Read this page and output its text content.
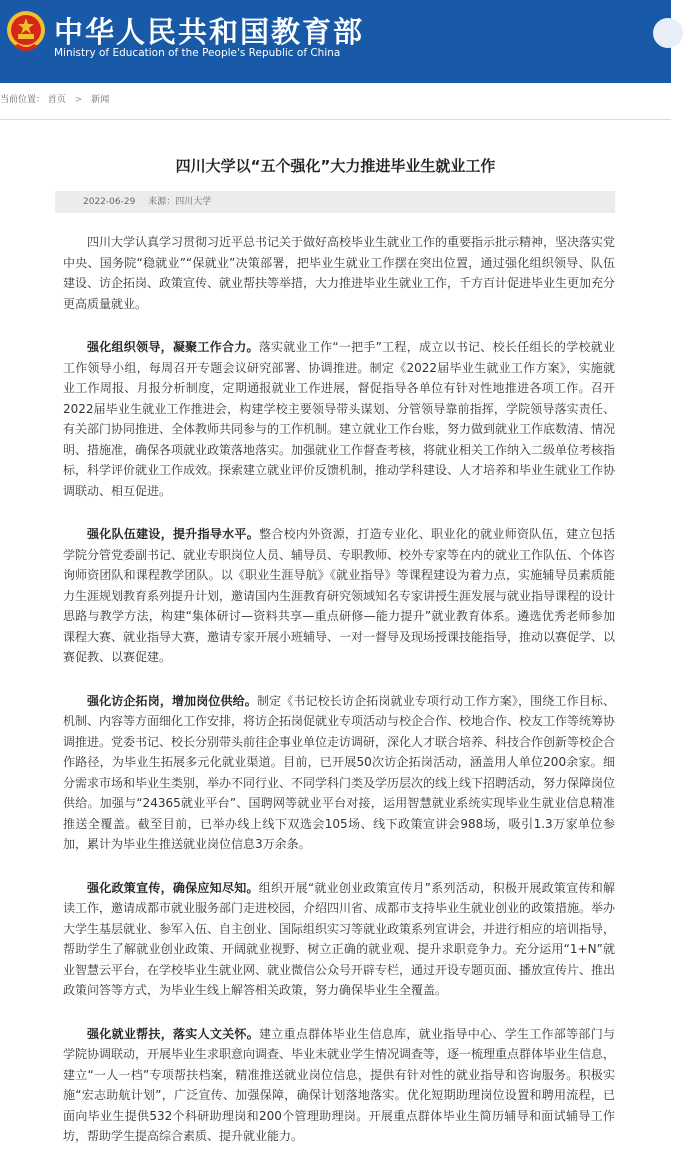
中华人民共和国教育部
Ministry of Education of the People's Republic of China
当前位置： 首页 > 新闻
四川大学以“五个强化”大力推进毕业生就业工作
2022-06-29 来源：四川大学

四川大学认真学习贯彻习近平总书记关于做好高校毕业生就业工作的重要指示批示精神，坚决落实党中央、国务院“稳就业”“保就业”决策部署，把毕业生就业工作摆在突出位置，通过强化组织领导、队伍建设、访企拓岗、政策宣传、就业帮扶等举措，大力推进毕业生就业工作，千方百计促进毕业生更加充分更高质量就业。

强化组织领导，凝聚工作合力。落实就业工作“一把手”工程，成立以书记、校长任组长的学校就业工作领导小组，每周召开专题会议研究部署、协调推进。制定《2022届毕业生就业工作方案》，实施就业工作周报、月报分析制度，定期通报就业工作进展，督促指导各单位有针对性地推进各项工作。召开2022届毕业生就业工作推进会，构建学校主要领导带头谋划、分管领导靠前指挥，学院领导落实责任、有关部门协同推进、全体教师共同参与的工作机制。建立就业工作台账，努力做到就业工作底数清、情况明、措施准，确保各项就业政策落地落实。加强就业工作督查考核，将就业相关工作纳入二级单位考核指标，科学评价就业工作成效。探索建立就业评价反馈机制，推动学科建设、人才培养和毕业生就业工作协调联动、相互促进。

强化队伍建设，提升指导水平。整合校内外资源，打造专业化、职业化的就业师资队伍，建立包括学院分管党委副书记、就业专职岗位人员、辅导员、专职教师、校外专家等在内的就业工作队伍、个体咨询师资团队和课程教学团队。以《职业生涯导航》《就业指导》等课程建设为着力点，实施辅导员素质能力生涯规划教育系列提升计划，邀请国内生涯教育研究领域知名专家讲授生涯发展与就业指导课程的设计思路与教学方法，构建“集体研讨—资料共享—重点研修—能力提升”就业教育体系。遴选优秀老师参加课程大赛、就业指导大赛，邀请专家开展小班辅导、一对一督导及现场授课技能指导，推动以赛促学、以赛促教、以赛促建。

强化访企拓岗，增加岗位供给。制定《书记校长访企拓岗就业专项行动工作方案》，围绕工作目标、机制、内容等方面细化工作安排，将访企拓岗促就业专项活动与校企合作、校地合作、校友工作等统筹协调推进。党委书记、校长分别带头前往企事业单位走访调研，深化人才联合培养、科技合作创新等校企合作路径，为毕业生拓展多元化就业渠道。目前，已开展50次访企拓岗活动，涵盖用人单位200余家。细分需求市场和毕业生类别，举办不同行业、不同学科门类及学历层次的线上线下招聘活动，努力保障岗位供给。加强与“24365就业平台”、国聘网等就业平台对接，运用智慧就业系统实现毕业生就业信息精准推送全覆盖。截至目前，已举办线上线下双选会105场、线下政策宣讲会988场，吸引1.3万家单位参加，累计为毕业生推送就业岗位信息3万余条。

强化政策宣传，确保应知尽知。组织开展“就业创业政策宣传月”系列活动，积极开展政策宣传和解读工作，邀请成都市就业服务部门走进校园，介绍四川省、成都市支持毕业生就业创业的政策措施。举办大学生基层就业、参军入伍、自主创业、国际组织实习等就业政策系列宣讲会，并进行相应的培训指导，帮助学生了解就业创业政策、开阔就业视野、树立正确的就业观、提升求职竞争力。充分运用“1+N”就业智慧云平台，在学校毕业生就业网、就业微信公众号开辟专栏，通过开设专题页面、播放宣传片、推出政策问答等方式，为毕业生线上解答相关政策，努力确保毕业生全覆盖。

强化就业帮扶，落实人文关怀。建立重点群体毕业生信息库，就业指导中心、学生工作部等部门与学院协调联动，开展毕业生求职意向调查、毕业未就业学生情况调查等，逐一梳理重点群体毕业生信息，建立“一人一档”专项帮扶档案，精准推送就业岗位信息，提供有针对性的就业指导和咨询服务。积极实施“宏志助航计划”，广泛宣传、加强保障，确保计划落地落实。优化短期助理岗位设置和聘用流程，已面向毕业生提供532个科研助理岗和200个管理助理岗。开展重点群体毕业生简历辅导和面试辅导工作坊，帮助学生提高综合素质、提升就业能力。
